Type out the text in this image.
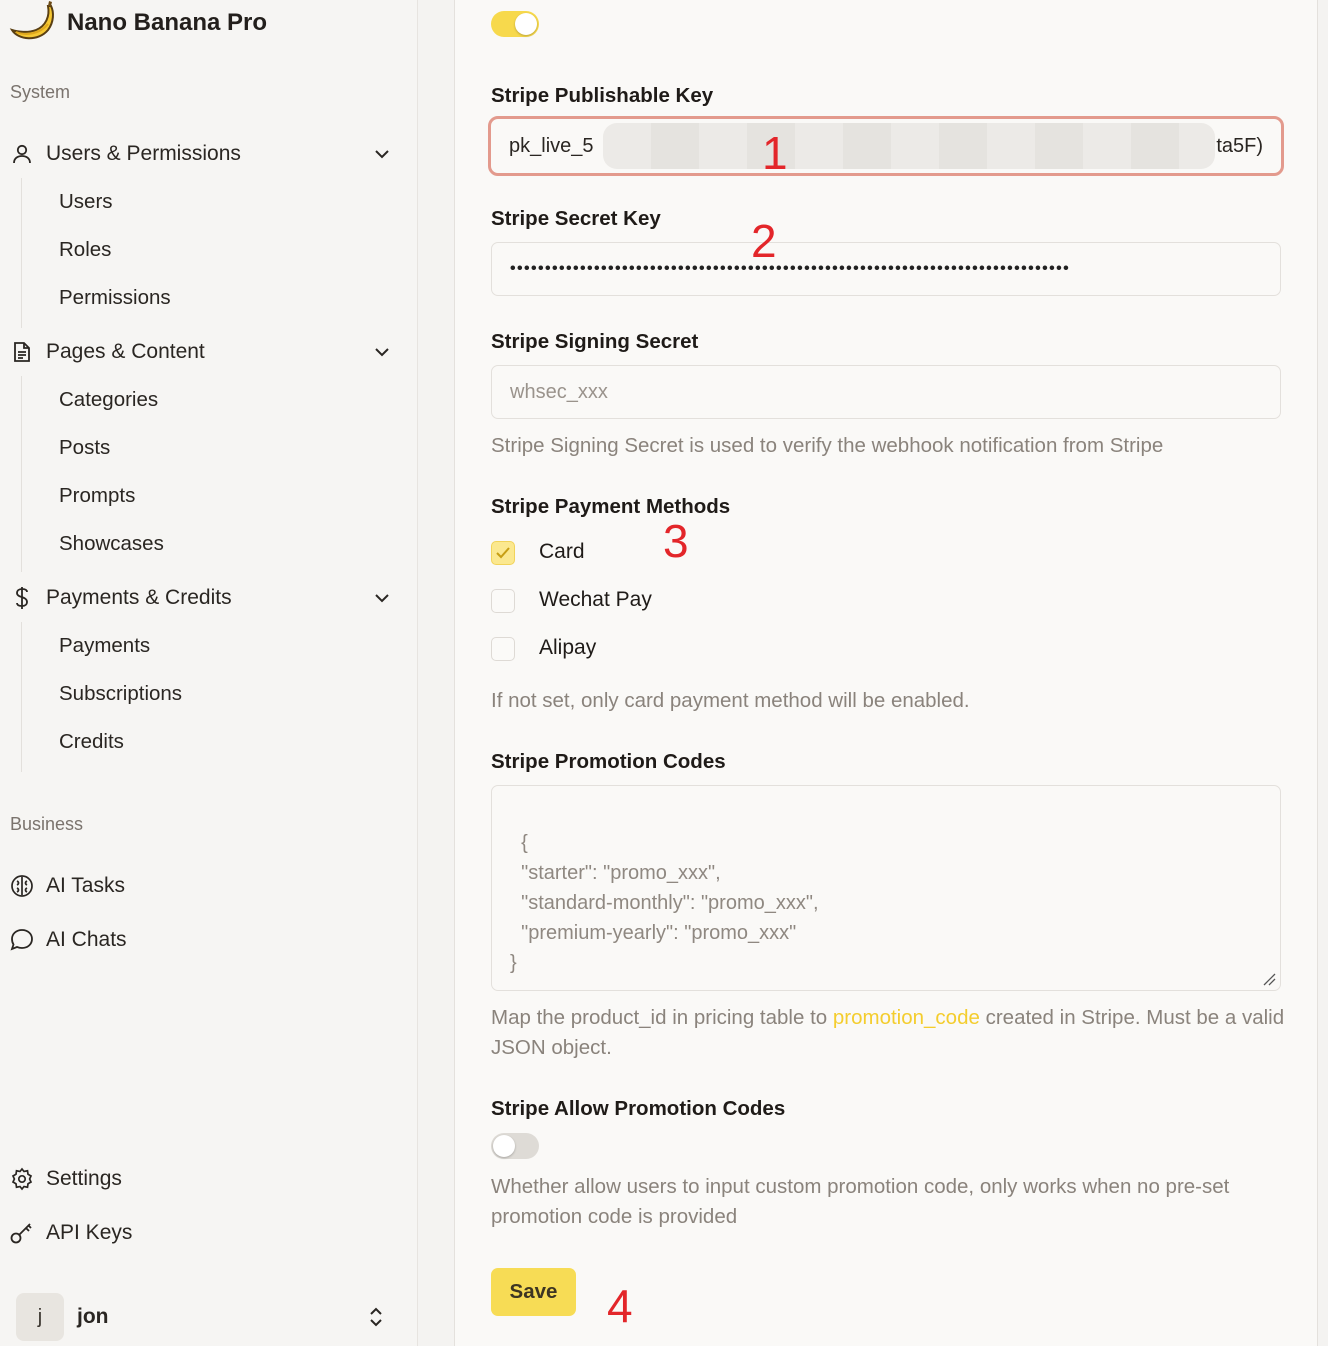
Nano Banana Pro
System
Users & Permissions
Users
Roles
Permissions
Pages & Content
Categories
Posts
Prompts
Showcases
Payments & Credits
Payments
Subscriptions
Credits
Business
AI Tasks
AI Chats
Settings
API Keys
j	jon
Stripe Publishable Key
pk_live_5	ta5F)
Stripe Secret Key
••••••••••••••••••••••••••••••••••••••••••••••••••••••••••••••••••••••••••••••••
Stripe Signing Secret
whsec_xxx
Stripe Signing Secret is used to verify the webhook notification from Stripe
Stripe Payment Methods
Card
Wechat Pay
Alipay
If not set, only card payment method will be enabled.
Stripe Promotion Codes

{
"starter": "promo_xxx",
"standard-monthly": "promo_xxx",
"premium-yearly": "promo_xxx"
}

Map the product_id in pricing table to promotion_code created in Stripe. Must be a valid JSON object.
Stripe Allow Promotion Codes
Whether allow users to input custom promotion code, only works when no pre-set promotion code is provided
Save
1
2
3
4
